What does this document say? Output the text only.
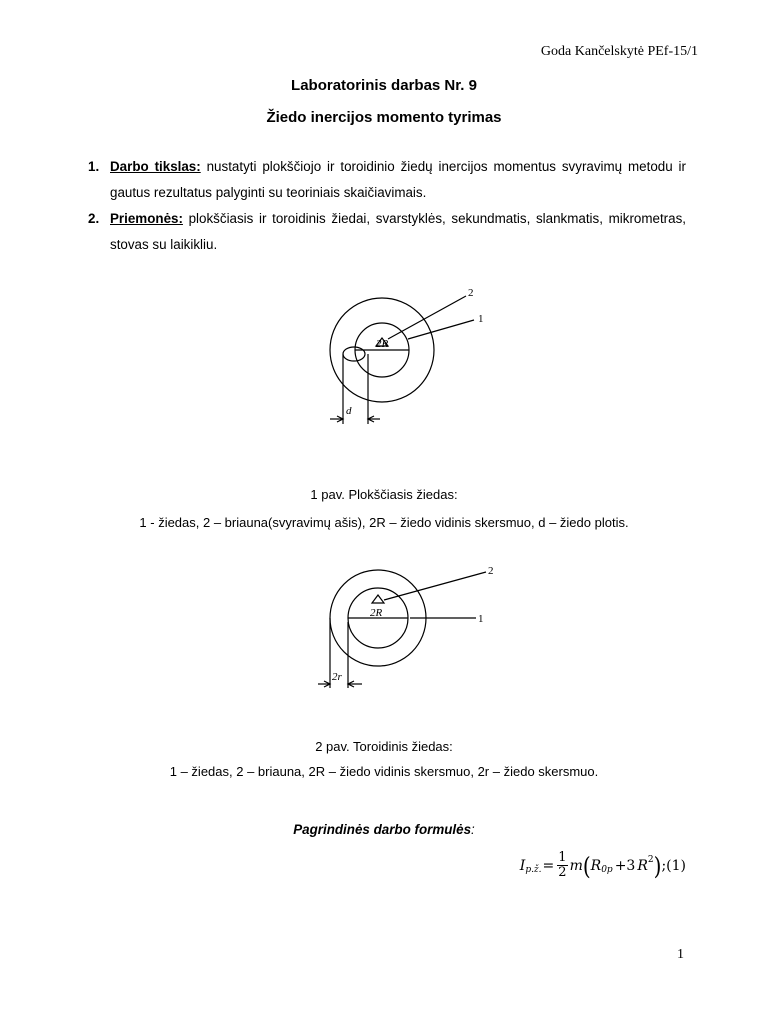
Goda Kančelskytė PEf-15/1
Laboratorinis darbas Nr. 9
Žiedo inercijos momento tyrimas
1. Darbo tikslas: nustatyti plokščiojo ir toroidinio žiedų inercijos momentus svyravimų metodu ir gautus rezultatus palyginti su teoriniais skaičiavimais.
2. Priemonės: plokščiasis ir toroidinis žiedai, svarstyklės, sekundmatis, slankmatis, mikrometras, stovas su laikikliu.
2
1
2R
d
1 pav. Plokščiasis žiedas:
1 - žiedas, 2 – briauna(svyravimų ašis), 2R – žiedo vidinis skersmuo, d – žiedo plotis.
2
1
2R
2r
2 pav. Toroidinis žiedas:
1 – žiedas, 2 – briauna, 2R – žiedo vidinis skersmuo, 2r – žiedo skersmuo.
Pagrindinės darbo formulės:
I p.ž. = $\frac{1}{2}$ m ( R 0p +3 R 2 ) ;(1)
1
